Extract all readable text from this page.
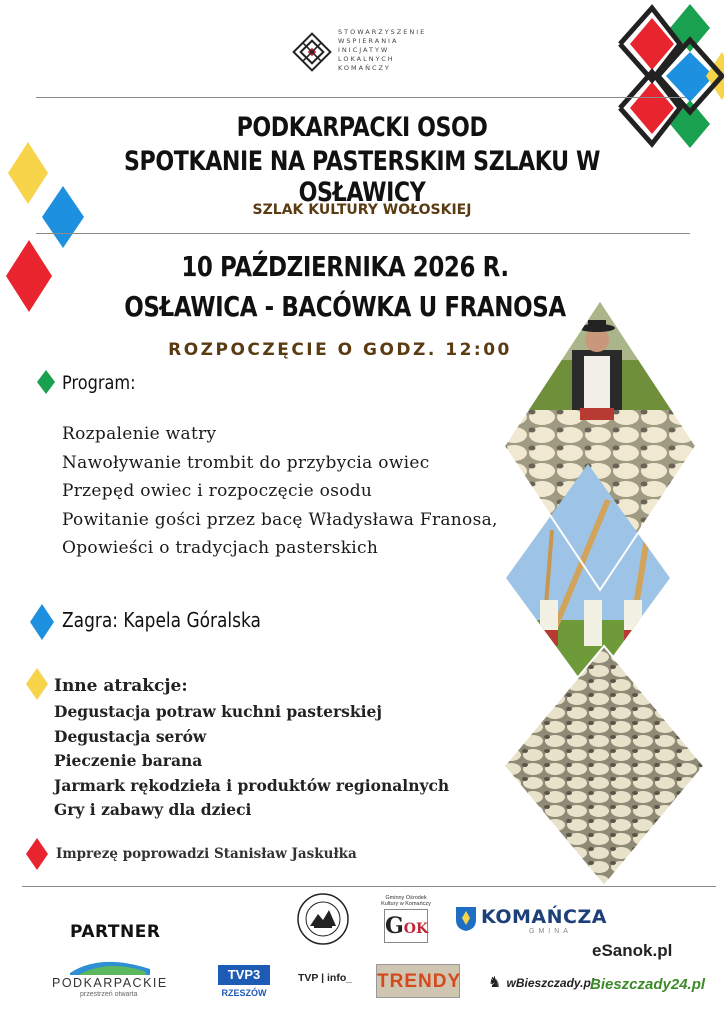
STOWARZYSZENIE
WSPIERANIA
INICJATYW
LOKALNYCH
KOMAŃCZY
PODKARPACKI OSOD
SPOTKANIE NA PASTERSKIM SZLAKU W OSŁAWICY
SZLAK KULTURY WOŁOSKIEJ
10 PAŹDZIERNIKA 2026 R.
OSŁAWICA - BACÓWKA U FRANOSA
ROZPOCZĘCIE O GODZ. 12:00
Program:
Rozpalenie watry
Nawoływanie trombit do przybycia owiec
Przepęd owiec i rozpoczęcie osodu
Powitanie gości przez bacę Władysława Franosa,
Opowieści o tradycjach pasterskich
Zagra: Kapela Góralska
Inne atrakcje:
Degustacja potraw kuchni pasterskiej
Degustacja serów
Pieczenie barana
Jarmark rękodzieła i produktów regionalnych
Gry i zabawy dla dzieci
Imprezę poprowadzi Stanisław Jaskułka
PARTNER
Gminny Ośrodek Kultury w Komańczy
GOK
KOMAŃCZA
GMINA
eSanok.pl
PODKARPACKIE
przestrzeń otwarta
TVP3
RZESZÓW
TVP | info_ TRENDY ♞ wBieszczady.pl
Bieszczady24.pl
